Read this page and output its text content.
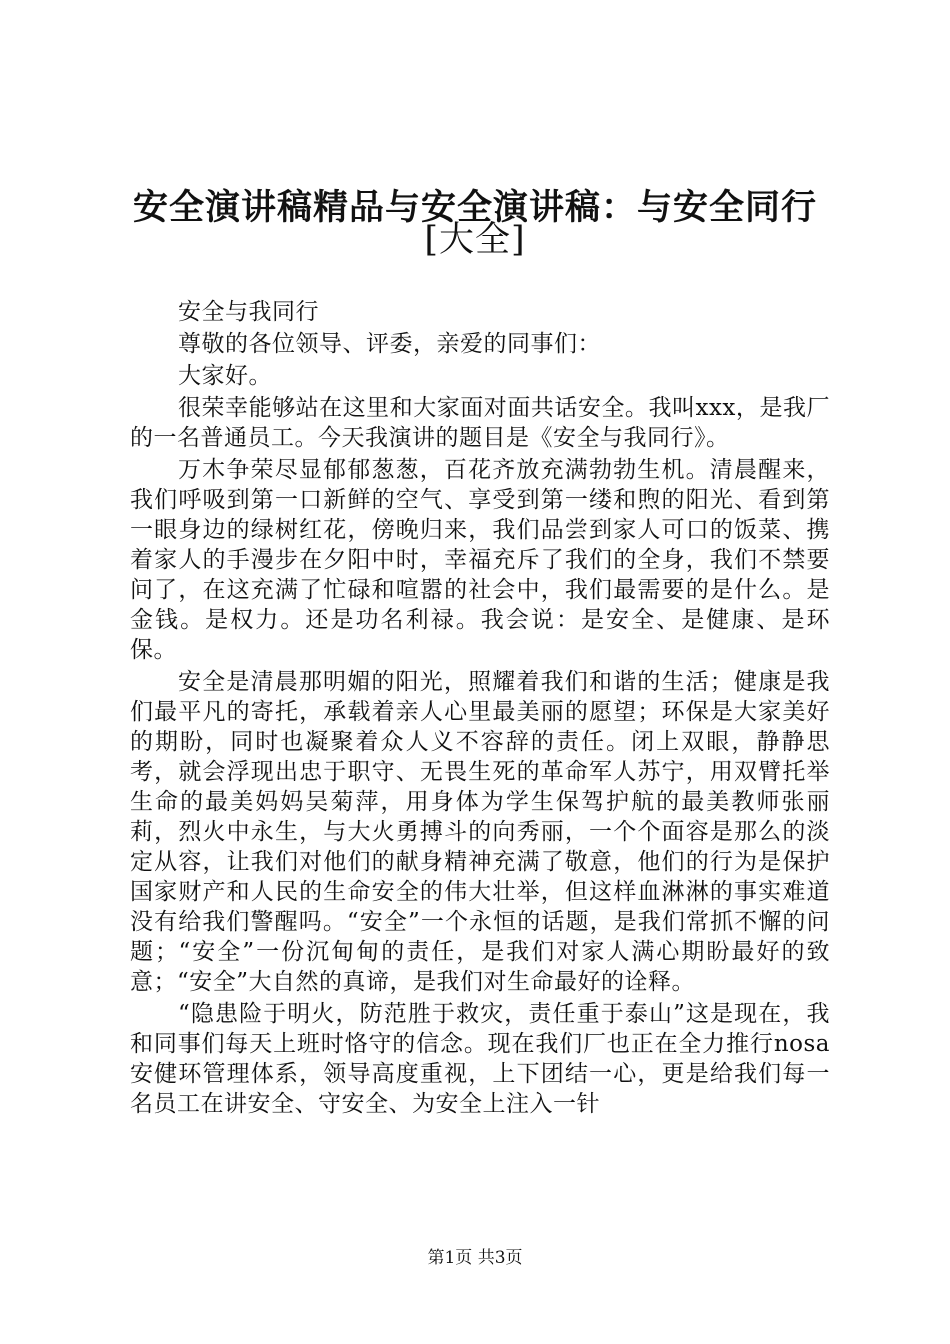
安全演讲稿精品与安全演讲稿：与安全同行
[大全]

安全与我同行

尊敬的各位领导、评委，亲爱的同事们：

大家好。

很荣幸能够站在这里和大家面对面共话安全。我叫xxx，是我厂的一名普通员工。今天我演讲的题目是《安全与我同行》。

万木争荣尽显郁郁葱葱，百花齐放充满勃勃生机。清晨醒来，我们呼吸到第一口新鲜的空气、享受到第一缕和煦的阳光、看到第一眼身边的绿树红花，傍晚归来，我们品尝到家人可口的饭菜、携着家人的手漫步在夕阳中时，幸福充斥了我们的全身，我们不禁要问了，在这充满了忙碌和喧嚣的社会中，我们最需要的是什么。是金钱。是权力。还是功名利禄。我会说：是安全、是健康、是环保。

安全是清晨那明媚的阳光，照耀着我们和谐的生活；健康是我们最平凡的寄托，承载着亲人心里最美丽的愿望；环保是大家美好的期盼，同时也凝聚着众人义不容辞的责任。闭上双眼，静静思考，就会浮现出忠于职守、无畏生死的革命军人苏宁，用双臂托举生命的最美妈妈吴菊萍，用身体为学生保驾护航的最美教师张丽莉，烈火中永生，与大火勇搏斗的向秀丽，一个个面容是那么的淡定从容，让我们对他们的献身精神充满了敬意，他们的行为是保护国家财产和人民的生命安全的伟大壮举，但这样血淋淋的事实难道没有给我们警醒吗。“安全”一个永恒的话题，是我们常抓不懈的问题；“安全”一份沉甸甸的责任，是我们对家人满心期盼最好的致意；“安全”大自然的真谛，是我们对生命最好的诠释。

“隐患险于明火，防范胜于救灾，责任重于泰山”这是现在，我和同事们每天上班时恪守的信念。现在我们厂也正在全力推行nosa安健环管理体系，领导高度重视，上下团结一心，更是给我们每一名员工在讲安全、守安全、为安全上注入一针

第1页 共3页
